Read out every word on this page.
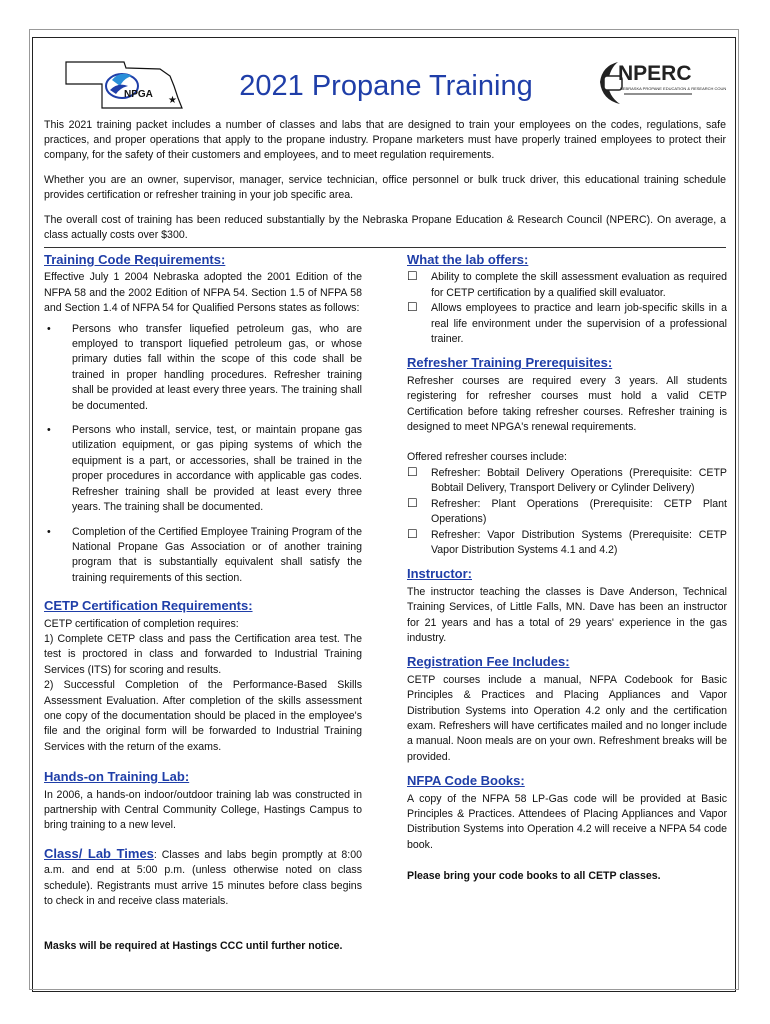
NPGA
★	2021 Propane Training	NPERC
NEBRASKA PROPANE EDUCATION & RESEARCH COUNCIL

This 2021 training packet includes a number of classes and labs that are designed to train your employees on the codes, regulations, safe practices, and proper operations that apply to the propane industry. Propane marketers must have properly trained employees to protect their company, for the safety of their customers and employees, and to meet regulation requirements.

Whether you are an owner, supervisor, manager, service technician, office personnel or bulk truck driver, this educational training schedule provides certification or refresher training in your job specific area.

The overall cost of training has been reduced substantially by the Nebraska Propane Education & Research Council (NPERC). On average, a class actually costs over $300.

Training Code Requirements:

Effective July 1 2004 Nebraska adopted the 2001 Edition of the NFPA 58 and the 2002 Edition of NFPA 54. Section 1.5 of NFPA 58 and Section 1.4 of NFPA 54 for Qualified Persons states as follows:

• Persons who transfer liquefied petroleum gas, who are employed to transport liquefied petroleum gas, or whose primary duties fall within the scope of this code shall be trained in proper handling procedures. Refresher training shall be provided at least every three years. The training shall be documented.
• Persons who install, service, test, or maintain propane gas utilization equipment, or gas piping systems of which the equipment is a part, or accessories, shall be trained in the proper procedures in accordance with applicable gas codes. Refresher training shall be provided at least every three years. The training shall be documented.
• Completion of the Certified Employee Training Program of the National Propane Gas Association or of another training program that is substantially equivalent shall satisfy the training requirements of this section.
CETP Certification Requirements:

CETP certification of completion requires:

1) Complete CETP class and pass the Certification area test. The test is proctored in class and forwarded to Industrial Training Services (ITS) for scoring and results.

2) Successful Completion of the Performance-Based Skills Assessment Evaluation. After completion of the skills assessment one copy of the documentation should be placed in the employee's file and the original form will be forwarded to Industrial Training Services with the return of the exams.

Hands-on Training Lab:

In 2006, a hands-on indoor/outdoor training lab was constructed in partnership with Central Community College, Hastings Campus to bring training to a new level.

Class/ Lab Times: Classes and labs begin promptly at 8:00 a.m. and end at 5:00 p.m. (unless otherwise noted on class schedule). Registrants must arrive 15 minutes before class begins to check in and receive class materials.

Masks will be required at Hastings CCC until further notice.

What the lab offers:
☐ Ability to complete the skill assessment evaluation as required for CETP certification by a qualified skill evaluator.
☐ Allows employees to practice and learn job-specific skills in a real life environment under the supervision of a professional trainer.
Refresher Training Prerequisites:

Refresher courses are required every 3 years. All students registering for refresher courses must hold a valid CETP Certification before taking refresher courses. Refresher training is designed to meet NPGA's renewal requirements.

Offered refresher courses include:

☐ Refresher: Bobtail Delivery Operations (Prerequisite: CETP Bobtail Delivery, Transport Delivery or Cylinder Delivery)
☐ Refresher: Plant Operations (Prerequisite: CETP Plant Operations)
☐ Refresher: Vapor Distribution Systems (Prerequisite: CETP Vapor Distribution Systems 4.1 and 4.2)
Instructor:

The instructor teaching the classes is Dave Anderson, Technical Training Services, of Little Falls, MN. Dave has been an instructor for 21 years and has a total of 29 years' experience in the gas industry.

Registration Fee Includes:

CETP courses include a manual, NFPA Codebook for Basic Principles & Practices and Placing Appliances and Vapor Distribution Systems into Operation 4.2 only and the certification exam. Refreshers will have certificates mailed and no longer include a manual. Noon meals are on your own. Refreshment breaks will be provided.

NFPA Code Books:

A copy of the NFPA 58 LP-Gas code will be provided at Basic Principles & Practices. Attendees of Placing Appliances and Vapor Distribution Systems into Operation 4.2 will receive a NFPA 54 code book.

Please bring your code books to all CETP classes.
